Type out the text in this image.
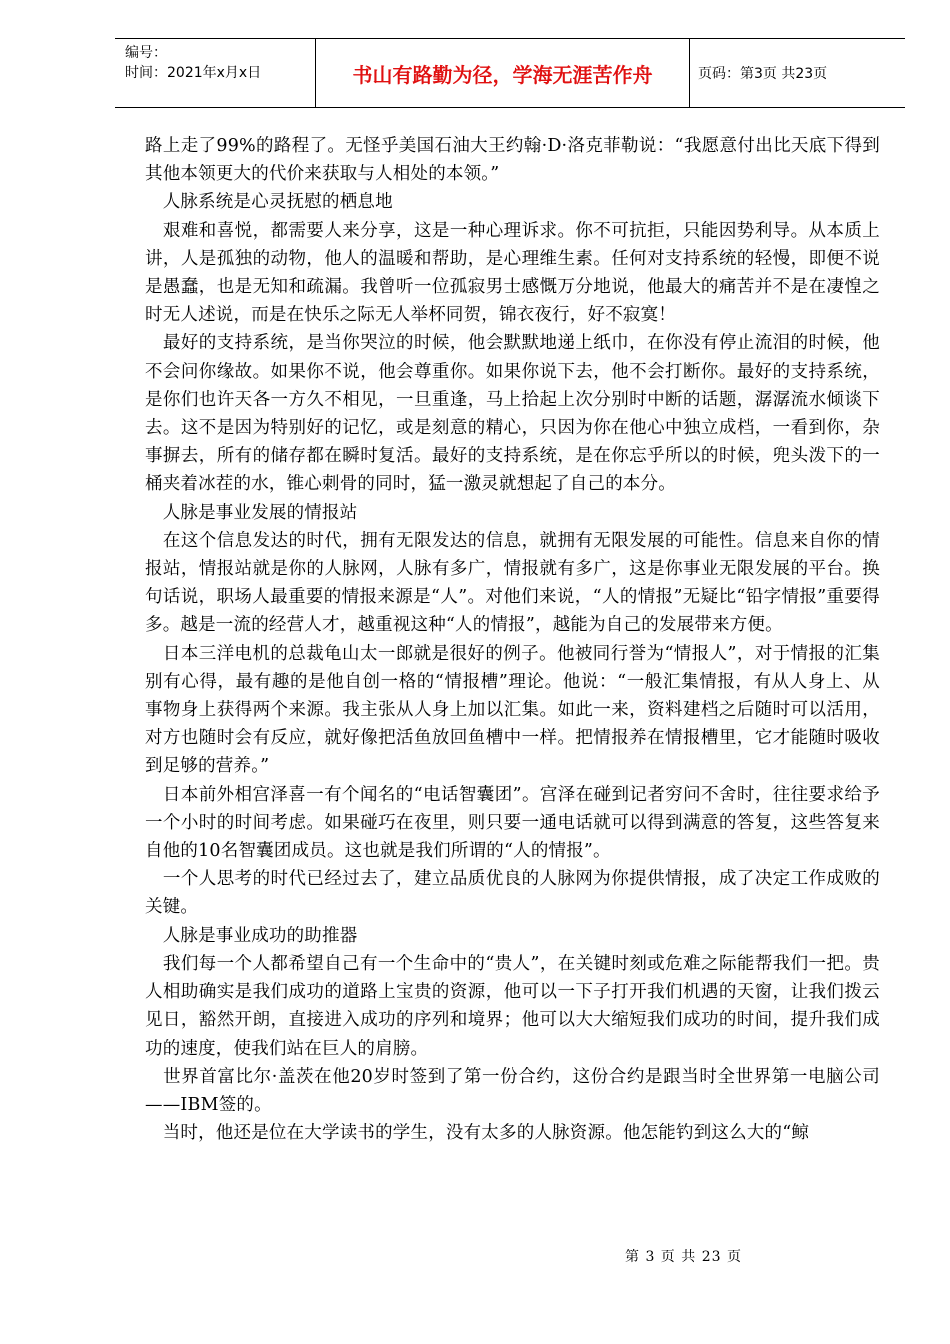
编号：
时间：2021年x月x日	书山有路勤为径，学海无涯苦作舟	页码：第3页 共23页

路上走了99%的路程了。无怪乎美国石油大王约翰·D·洛克菲勒说：“我愿意付出比天底下得到其他本领更大的代价来获取与人相处的本领。”

　人脉系统是心灵抚慰的栖息地

　艰难和喜悦，都需要人来分享，这是一种心理诉求。你不可抗拒，只能因势利导。从本质上讲，人是孤独的动物，他人的温暖和帮助，是心理维生素。任何对支持系统的轻慢，即便不说是愚蠢，也是无知和疏漏。我曾听一位孤寂男士感慨万分地说，他最大的痛苦并不是在凄惶之时无人述说，而是在快乐之际无人举杯同贺，锦衣夜行，好不寂寞！

　最好的支持系统，是当你哭泣的时候，他会默默地递上纸巾，在你没有停止流泪的时候，他不会问你缘故。如果你不说，他会尊重你。如果你说下去，他不会打断你。最好的支持系统，是你们也许天各一方久不相见，一旦重逢，马上拾起上次分别时中断的话题，潺潺流水倾谈下去。这不是因为特别好的记忆，或是刻意的精心，只因为你在他心中独立成档，一看到你，杂事摒去，所有的储存都在瞬时复活。最好的支持系统，是在你忘乎所以的时候，兜头泼下的一桶夹着冰茬的水，锥心刺骨的同时，猛一激灵就想起了自己的本分。

　人脉是事业发展的情报站

　在这个信息发达的时代，拥有无限发达的信息，就拥有无限发展的可能性。信息来自你的情报站，情报站就是你的人脉网，人脉有多广，情报就有多广，这是你事业无限发展的平台。换句话说，职场人最重要的情报来源是“人”。对他们来说，“人的情报”无疑比“铅字情报”重要得多。越是一流的经营人才，越重视这种“人的情报”，越能为自己的发展带来方便。

　日本三洋电机的总裁龟山太一郎就是很好的例子。他被同行誉为“情报人”，对于情报的汇集别有心得，最有趣的是他自创一格的“情报槽”理论。他说：“一般汇集情报，有从人身上、从事物身上获得两个来源。我主张从人身上加以汇集。如此一来，资料建档之后随时可以活用，对方也随时会有反应，就好像把活鱼放回鱼槽中一样。把情报养在情报槽里，它才能随时吸收到足够的营养。”

　日本前外相宫泽喜一有个闻名的“电话智囊团”。宫泽在碰到记者穷问不舍时，往往要求给予一个小时的时间考虑。如果碰巧在夜里，则只要一通电话就可以得到满意的答复，这些答复来自他的10名智囊团成员。这也就是我们所谓的“人的情报”。

　一个人思考的时代已经过去了，建立品质优良的人脉网为你提供情报，成了决定工作成败的关键。

　人脉是事业成功的助推器

　我们每一个人都希望自己有一个生命中的“贵人”，在关键时刻或危难之际能帮我们一把。贵人相助确实是我们成功的道路上宝贵的资源，他可以一下子打开我们机遇的天窗，让我们拨云见日，豁然开朗，直接进入成功的序列和境界；他可以大大缩短我们成功的时间，提升我们成功的速度，使我们站在巨人的肩膀。

　世界首富比尔·盖茨在他20岁时签到了第一份合约，这份合约是跟当时全世界第一电脑公司——IBM签的。

　当时，他还是位在大学读书的学生，没有太多的人脉资源。他怎能钓到这么大的“鲸

第 3 页 共 23 页
